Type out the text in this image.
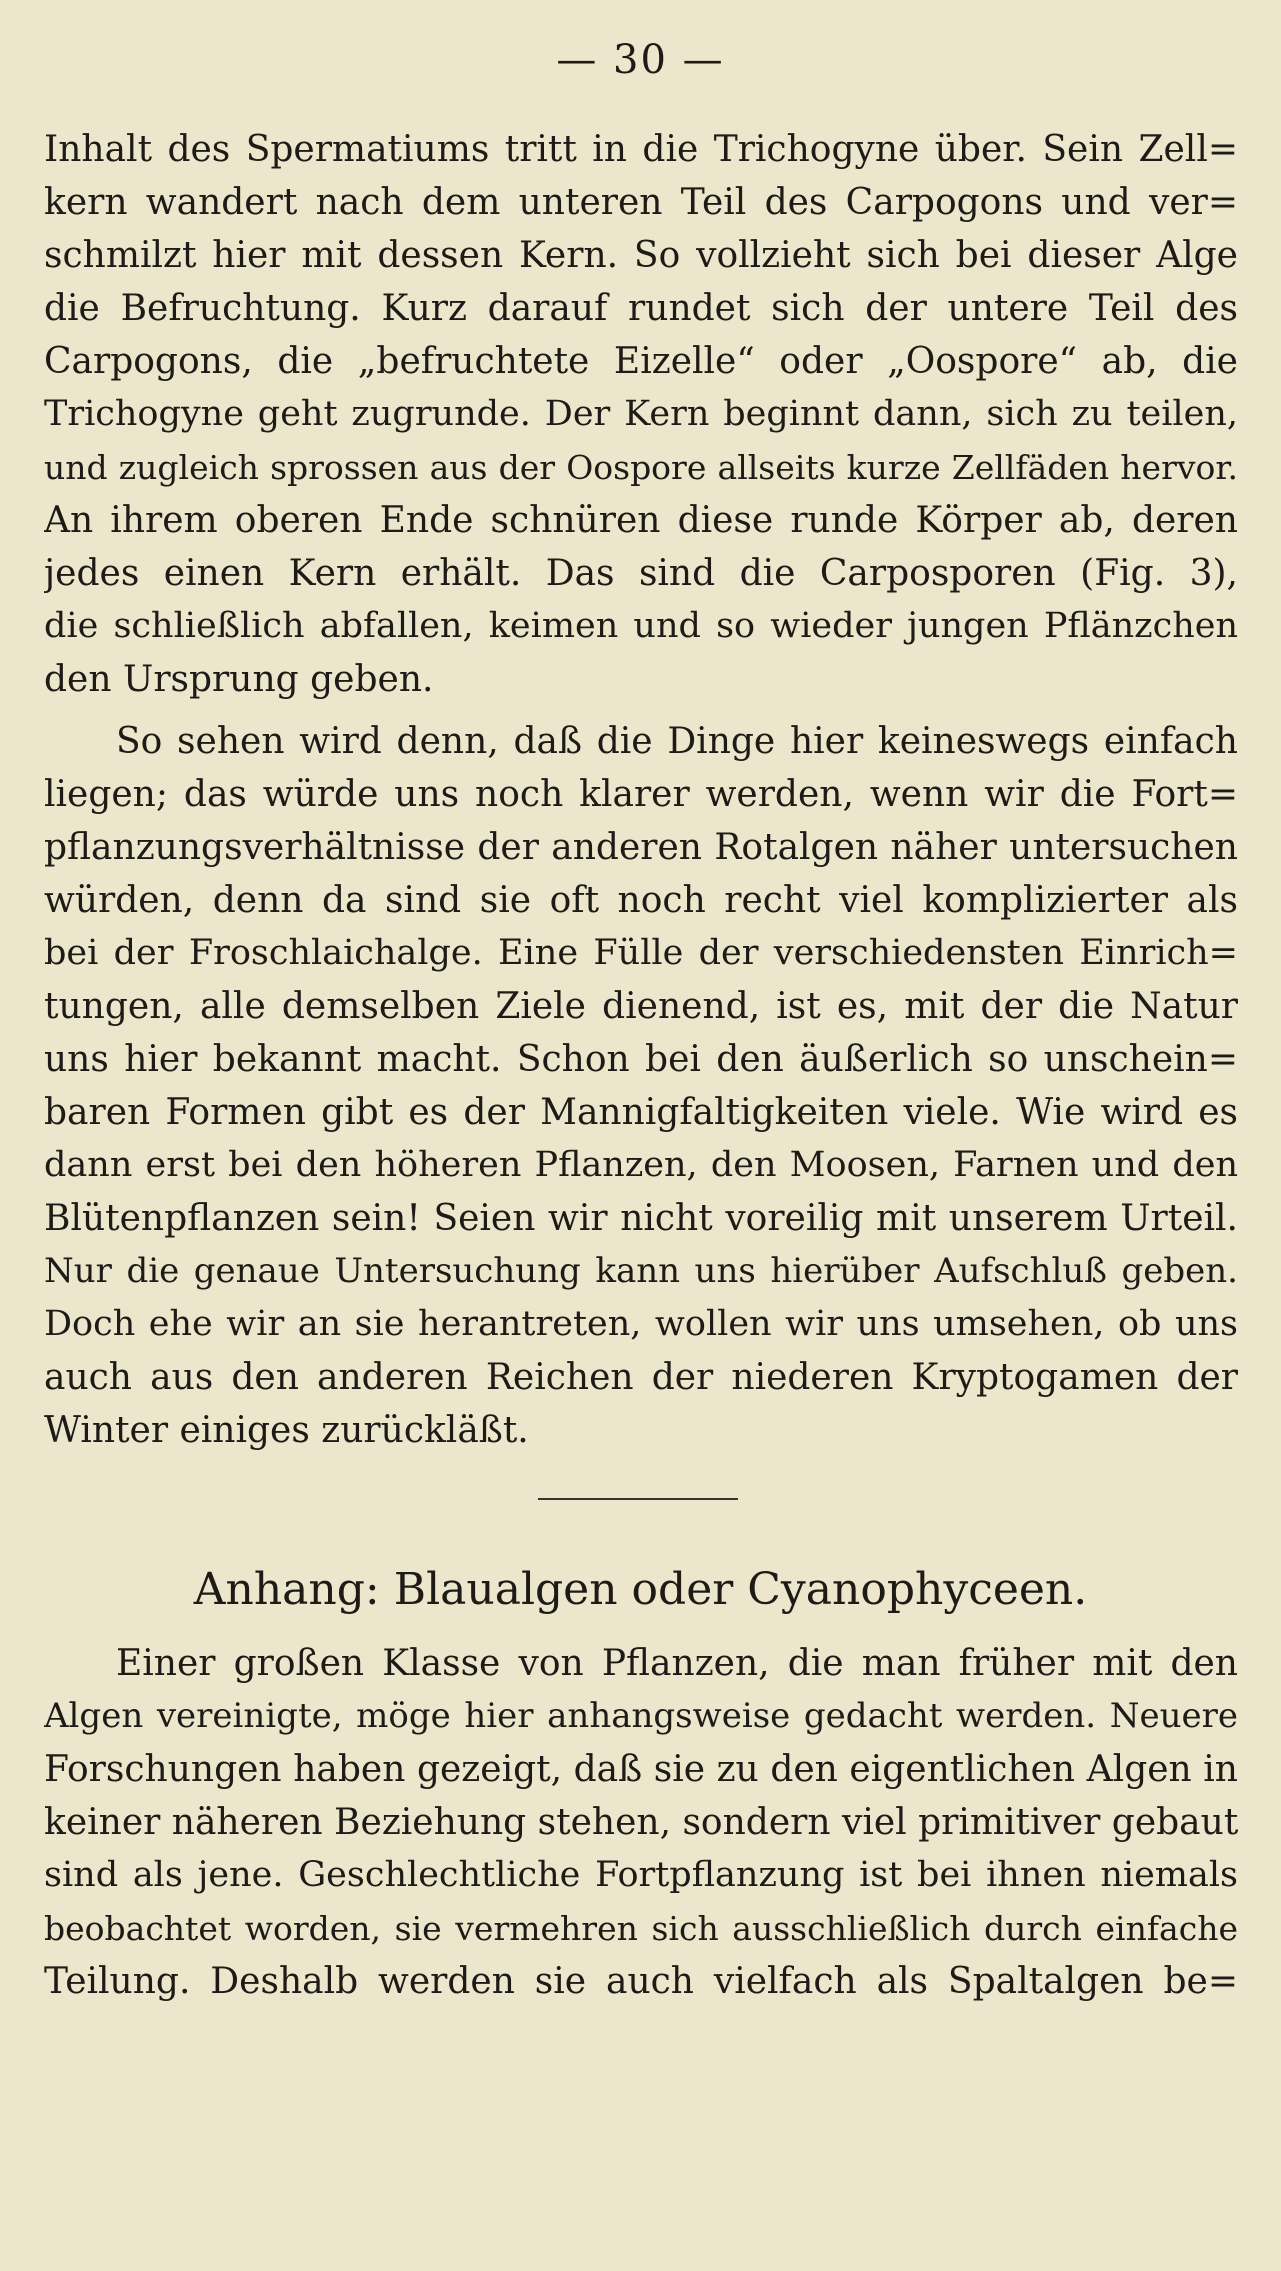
— 30 —
Inhalt des Spermatiums tritt in die Trichogyne über. Sein Zell=
kern wandert nach dem unteren Teil des Carpogons und ver=
schmilzt hier mit dessen Kern. So vollzieht sich bei dieser Alge
die Befruchtung. Kurz darauf rundet sich der untere Teil des
Carpogons, die „befruchtete Eizelle“ oder „Oospore“ ab, die
Trichogyne geht zugrunde. Der Kern beginnt dann, sich zu teilen,
und zugleich sprossen aus der Oospore allseits kurze Zellfäden hervor.
An ihrem oberen Ende schnüren diese runde Körper ab, deren
jedes einen Kern erhält. Das sind die Carposporen (Fig. 3),
die schließlich abfallen, keimen und so wieder jungen Pflänzchen
den Ursprung geben.
So sehen wird denn, daß die Dinge hier keineswegs einfach
liegen; das würde uns noch klarer werden, wenn wir die Fort=
pflanzungsverhältnisse der anderen Rotalgen näher untersuchen
würden, denn da sind sie oft noch recht viel komplizierter als
bei der Froschlaichalge. Eine Fülle der verschiedensten Einrich=
tungen, alle demselben Ziele dienend, ist es, mit der die Natur
uns hier bekannt macht. Schon bei den äußerlich so unschein=
baren Formen gibt es der Mannigfaltigkeiten viele. Wie wird es
dann erst bei den höheren Pflanzen, den Moosen, Farnen und den
Blütenpflanzen sein! Seien wir nicht voreilig mit unserem Urteil.
Nur die genaue Untersuchung kann uns hierüber Aufschluß geben.
Doch ehe wir an sie herantreten, wollen wir uns umsehen, ob uns
auch aus den anderen Reichen der niederen Kryptogamen der
Winter einiges zurückläßt.
Anhang: Blaualgen oder Cyanophyceen.
Einer großen Klasse von Pflanzen, die man früher mit den
Algen vereinigte, möge hier anhangsweise gedacht werden. Neuere
Forschungen haben gezeigt, daß sie zu den eigentlichen Algen in
keiner näheren Beziehung stehen, sondern viel primitiver gebaut
sind als jene. Geschlechtliche Fortpflanzung ist bei ihnen niemals
beobachtet worden, sie vermehren sich ausschließlich durch einfache
Teilung. Deshalb werden sie auch vielfach als Spaltalgen be=
